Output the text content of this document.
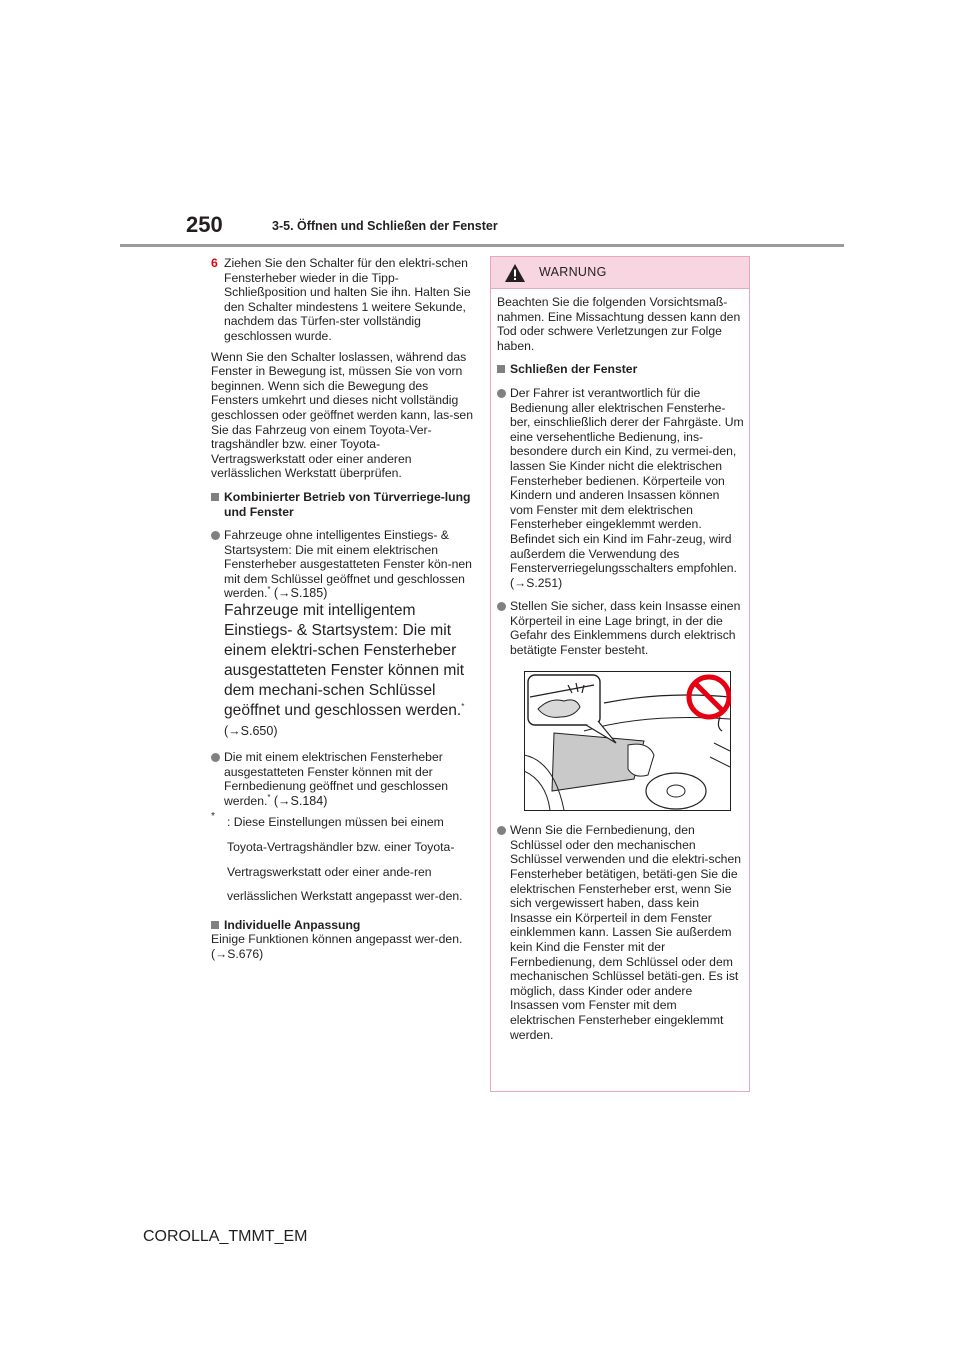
250	3-5. Öffnen und Schließen der Fenster

6 Ziehen Sie den Schalter für den elektri-schen Fensterheber wieder in die Tipp-Schließposition und halten Sie ihn. Halten Sie den Schalter mindestens 1 weitere Sekunde, nachdem das Türfen-ster vollständig geschlossen wurde.

Wenn Sie den Schalter loslassen, während das Fenster in Bewegung ist, müssen Sie von vorn beginnen. Wenn sich die Bewegung des Fensters umkehrt und dieses nicht vollständig geschlossen oder geöffnet werden kann, las-sen Sie das Fahrzeug von einem Toyota-Ver-tragshändler bzw. einer Toyota-Vertragswerkstatt oder einer anderen verlässlichen Werkstatt überprüfen.

Kombinierter Betrieb von Türverriege-lung und Fenster

Fahrzeuge ohne intelligentes Einstiegs- & Startsystem: Die mit einem elektrischen Fensterheber ausgestatteten Fenster kön-nen mit dem Schlüssel geöffnet und geschlossen werden.* (→S.185)
Fahrzeuge mit intelligentem Einstiegs- & Startsystem: Die mit einem elektri-schen Fensterheber ausgestatteten Fenster können mit dem mechani-schen Schlüssel geöffnet und geschlossen werden.* (→S.650)
Die mit einem elektrischen Fensterheber ausgestatteten Fenster können mit der Fernbedienung geöffnet und geschlossen werden.* (→S.184)

* : Diese Einstellungen müssen bei einem Toyota-Vertragshändler bzw. einer Toyota-Vertragswerkstatt oder einer ande-ren verlässlichen Werkstatt angepasst wer-den.

Individuelle Anpassung

Einige Funktionen können angepasst wer-den. (→S.676)

WARNUNG

Beachten Sie die folgenden Vorsichtsmaß-nahmen. Eine Missachtung dessen kann den Tod oder schwere Verletzungen zur Folge haben.

Schließen der Fenster

Der Fahrer ist verantwortlich für die Bedienung aller elektrischen Fensterhe-ber, einschließlich derer der Fahrgäste. Um eine versehentliche Bedienung, ins-besondere durch ein Kind, zu vermei-den, lassen Sie Kinder nicht die elektrischen Fensterheber bedienen. Körperteile von Kindern und anderen Insassen können vom Fenster mit dem elektrischen Fensterheber eingeklemmt werden. Befindet sich ein Kind im Fahr-zeug, wird außerdem die Verwendung des Fensterverriegelungsschalters empfohlen. (→S.251)
Stellen Sie sicher, dass kein Insasse einen Körperteil in eine Lage bringt, in der die Gefahr des Einklemmens durch elektrisch betätigte Fenster besteht.
Wenn Sie die Fernbedienung, den Schlüssel oder den mechanischen Schlüssel verwenden und die elektri-schen Fensterheber betätigen, betäti-gen Sie die elektrischen Fensterheber erst, wenn Sie sich vergewissert haben, dass kein Insasse ein Körperteil in dem Fenster einklemmen kann. Lassen Sie außerdem kein Kind die Fenster mit der Fernbedienung, dem Schlüssel oder dem mechanischen Schlüssel betäti-gen. Es ist möglich, dass Kinder oder andere Insassen vom Fenster mit dem elektrischen Fensterheber eingeklemmt werden.
COROLLA_TMMT_EM
